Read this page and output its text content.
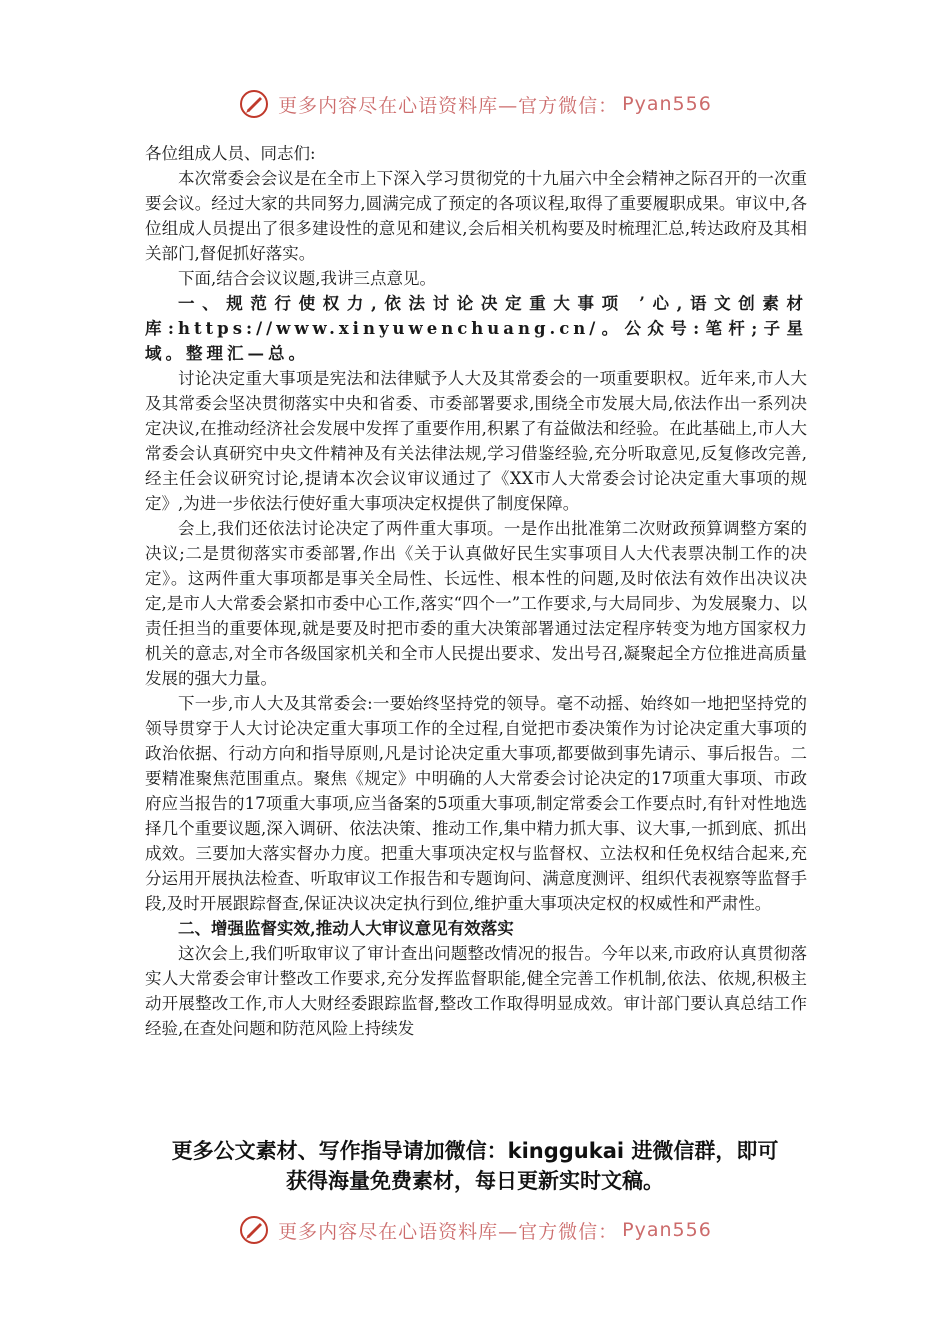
更多内容尽在心语资料库—官方微信： Pyan556

各位组成人员、同志们:

本次常委会会议是在全市上下深入学习贯彻党的十九届六中全会精神之际召开的一次重要会议。经过大家的共同努力,圆满完成了预定的各项议程,取得了重要履职成果。审议中,各位组成人员提出了很多建设性的意见和建议,会后相关机构要及时梳理汇总,转达政府及其相关部门,督促抓好落实。

下面,结合会议议题,我讲三点意见。

一、规范行使权力,依法讨论决定重大事项 ’心,语文创素材库:https://www.xinyuwenchuang.cn/。公众号:笔杆;子星域。整理汇—总。

讨论决定重大事项是宪法和法律赋予人大及其常委会的一项重要职权。近年来,市人大及其常委会坚决贯彻落实中央和省委、市委部署要求,围绕全市发展大局,依法作出一系列决定决议,在推动经济社会发展中发挥了重要作用,积累了有益做法和经验。在此基础上,市人大常委会认真研究中央文件精神及有关法律法规,学习借鉴经验,充分听取意见,反复修改完善,经主任会议研究讨论,提请本次会议审议通过了《XX市人大常委会讨论决定重大事项的规定》,为进一步依法行使好重大事项决定权提供了制度保障。

会上,我们还依法讨论决定了两件重大事项。一是作出批准第二次财政预算调整方案的决议;二是贯彻落实市委部署,作出《关于认真做好民生实事项目人大代表票决制工作的决定》。这两件重大事项都是事关全局性、长远性、根本性的问题,及时依法有效作出决议决定,是市人大常委会紧扣市委中心工作,落实“四个一”工作要求,与大局同步、为发展聚力、以责任担当的重要体现,就是要及时把市委的重大决策部署通过法定程序转变为地方国家权力机关的意志,对全市各级国家机关和全市人民提出要求、发出号召,凝聚起全方位推进高质量发展的强大力量。

下一步,市人大及其常委会:一要始终坚持党的领导。毫不动摇、始终如一地把坚持党的领导贯穿于人大讨论决定重大事项工作的全过程,自觉把市委决策作为讨论决定重大事项的政治依据、行动方向和指导原则,凡是讨论决定重大事项,都要做到事先请示、事后报告。二要精准聚焦范围重点。聚焦《规定》中明确的人大常委会讨论决定的17项重大事项、市政府应当报告的17项重大事项,应当备案的5项重大事项,制定常委会工作要点时,有针对性地选择几个重要议题,深入调研、依法决策、推动工作,集中精力抓大事、议大事,一抓到底、抓出成效。三要加大落实督办力度。把重大事项决定权与监督权、立法权和任免权结合起来,充分运用开展执法检查、听取审议工作报告和专题询问、满意度测评、组织代表视察等监督手段,及时开展跟踪督查,保证决议决定执行到位,维护重大事项决定权的权威性和严肃性。

二、增强监督实效,推动人大审议意见有效落实

这次会上,我们听取审议了审计查出问题整改情况的报告。今年以来,市政府认真贯彻落实人大常委会审计整改工作要求,充分发挥监督职能,健全完善工作机制,依法、依规,积极主动开展整改工作,市人大财经委跟踪监督,整改工作取得明显成效。审计部门要认真总结工作经验,在查处问题和防范风险上持续发

更多公文素材、写作指导请加微信：kinggukai 进微信群，即可
获得海量免费素材，每日更新实时文稿。
更多内容尽在心语资料库—官方微信： Pyan556
